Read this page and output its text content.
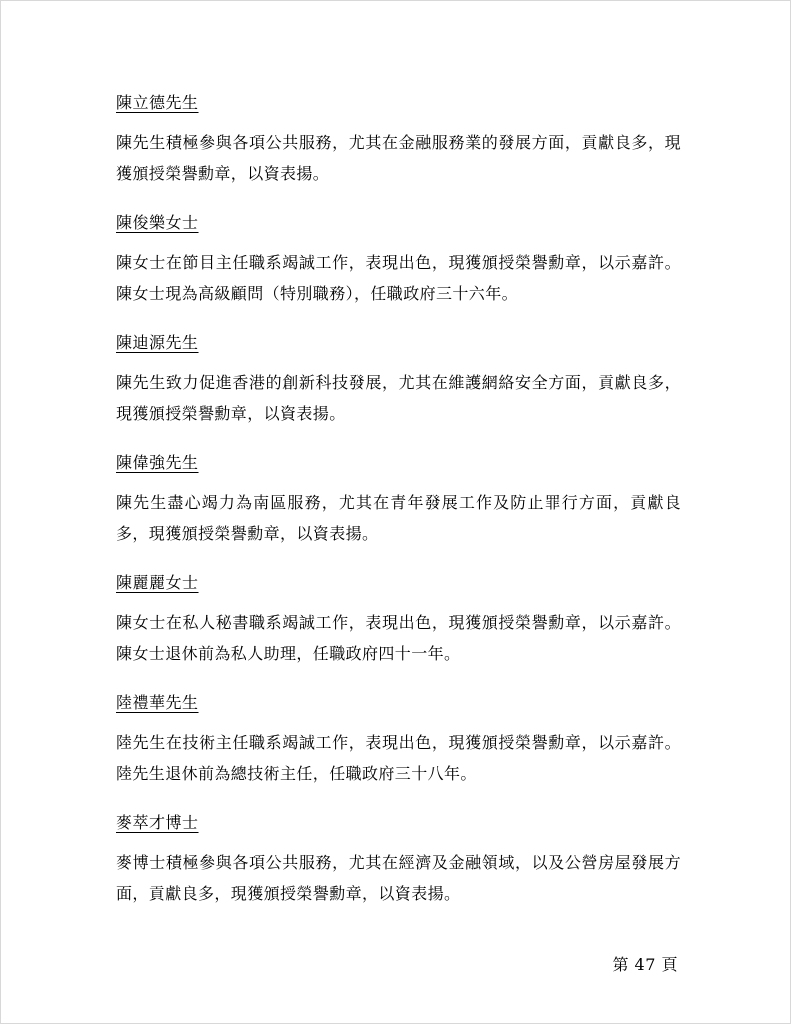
陳立德先生

陳先生積極參與各項公共服務，尤其在金融服務業的發展方面，貢獻良多，現獲頒授榮譽勳章，以資表揚。

陳俊樂女士

陳女士在節目主任職系竭誠工作，表現出色，現獲頒授榮譽勳章，以示嘉許。陳女士現為高級顧問（特別職務），任職政府三十六年。

陳迪源先生

陳先生致力促進香港的創新科技發展，尤其在維護網絡安全方面，貢獻良多，現獲頒授榮譽勳章，以資表揚。

陳偉強先生

陳先生盡心竭力為南區服務，尤其在青年發展工作及防止罪行方面，貢獻良多，現獲頒授榮譽勳章，以資表揚。

陳麗麗女士

陳女士在私人秘書職系竭誠工作，表現出色，現獲頒授榮譽勳章，以示嘉許。陳女士退休前為私人助理，任職政府四十一年。

陸禮華先生

陸先生在技術主任職系竭誠工作，表現出色，現獲頒授榮譽勳章，以示嘉許。陸先生退休前為總技術主任，任職政府三十八年。

麥萃才博士

麥博士積極參與各項公共服務，尤其在經濟及金融領域，以及公營房屋發展方面，貢獻良多，現獲頒授榮譽勳章，以資表揚。

第 47 頁
